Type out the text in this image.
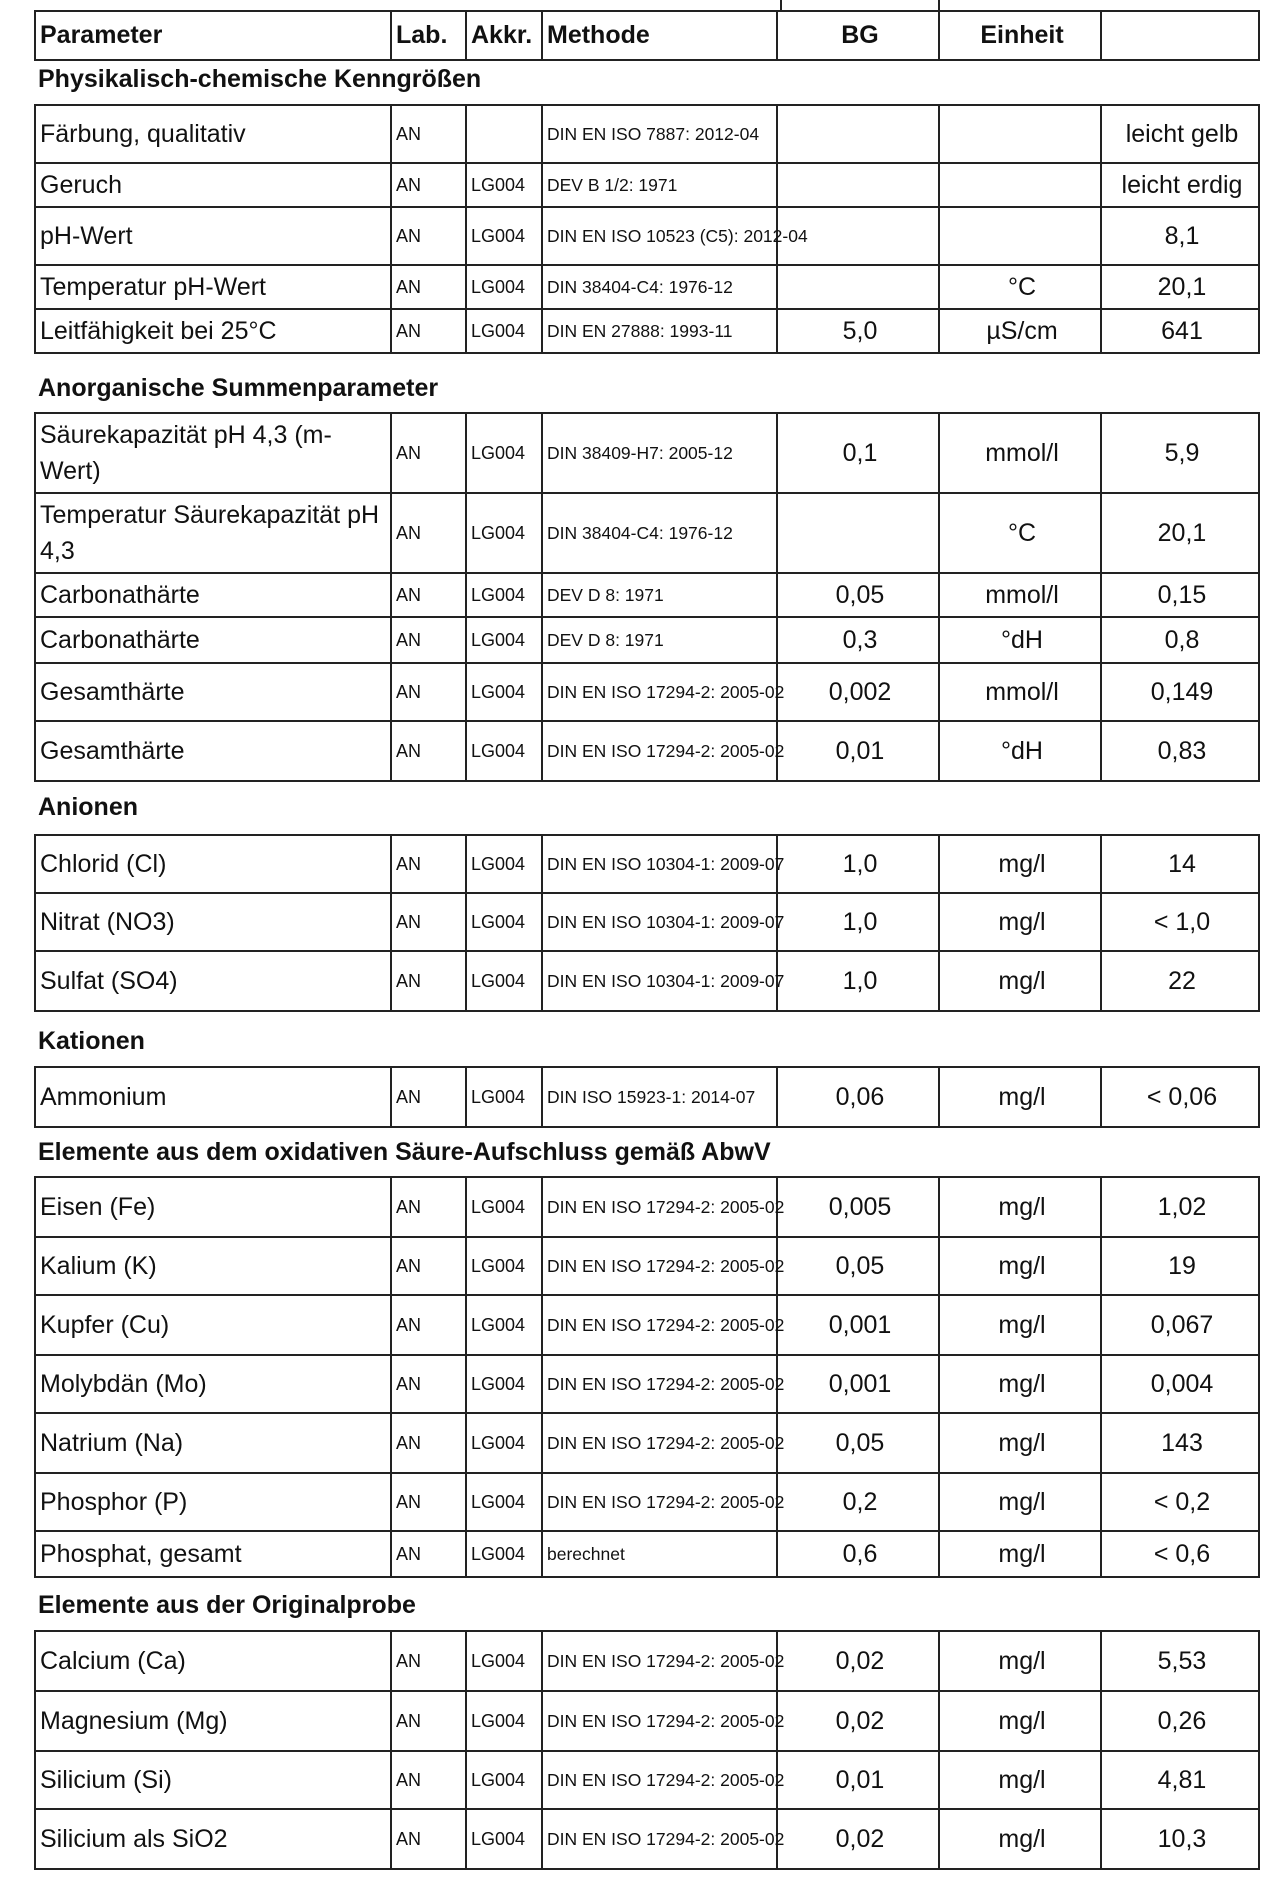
Parameter	Lab.	Akkr.	Methode	BG	Einheit	
Physikalisch-chemische Kenngrößen
Färbung, qualitativ	AN		DIN EN ISO 7887: 2012-04			leicht gelb
Geruch	AN	LG004	DEV B 1/2: 1971			leicht erdig
pH-Wert	AN	LG004	DIN EN ISO 10523 (C5): 2012-04			8,1
Temperatur pH-Wert	AN	LG004	DIN 38404-C4: 1976-12		°C	20,1
Leitfähigkeit bei 25°C	AN	LG004	DIN EN 27888: 1993-11	5,0	µS/cm	641
Anorganische Summenparameter
Säurekapazität pH 4,3 (m-Wert)	AN	LG004	DIN 38409-H7: 2005-12	0,1	mmol/l	5,9
Temperatur Säurekapazität pH 4,3	AN	LG004	DIN 38404-C4: 1976-12		°C	20,1
Carbonathärte	AN	LG004	DEV D 8: 1971	0,05	mmol/l	0,15
Carbonathärte	AN	LG004	DEV D 8: 1971	0,3	°dH	0,8
Gesamthärte	AN	LG004	DIN EN ISO 17294-2: 2005-02	0,002	mmol/l	0,149
Gesamthärte	AN	LG004	DIN EN ISO 17294-2: 2005-02	0,01	°dH	0,83
Anionen
Chlorid (Cl)	AN	LG004	DIN EN ISO 10304-1: 2009-07	1,0	mg/l	14
Nitrat (NO3)	AN	LG004	DIN EN ISO 10304-1: 2009-07	1,0	mg/l	< 1,0
Sulfat (SO4)	AN	LG004	DIN EN ISO 10304-1: 2009-07	1,0	mg/l	22
Kationen
Ammonium	AN	LG004	DIN ISO 15923-1: 2014-07	0,06	mg/l	< 0,06
Elemente aus dem oxidativen Säure-Aufschluss gemäß AbwV
Eisen (Fe)	AN	LG004	DIN EN ISO 17294-2: 2005-02	0,005	mg/l	1,02
Kalium (K)	AN	LG004	DIN EN ISO 17294-2: 2005-02	0,05	mg/l	19
Kupfer (Cu)	AN	LG004	DIN EN ISO 17294-2: 2005-02	0,001	mg/l	0,067
Molybdän (Mo)	AN	LG004	DIN EN ISO 17294-2: 2005-02	0,001	mg/l	0,004
Natrium (Na)	AN	LG004	DIN EN ISO 17294-2: 2005-02	0,05	mg/l	143
Phosphor (P)	AN	LG004	DIN EN ISO 17294-2: 2005-02	0,2	mg/l	< 0,2
Phosphat, gesamt	AN	LG004	berechnet	0,6	mg/l	< 0,6
Elemente aus der Originalprobe
Calcium (Ca)	AN	LG004	DIN EN ISO 17294-2: 2005-02	0,02	mg/l	5,53
Magnesium (Mg)	AN	LG004	DIN EN ISO 17294-2: 2005-02	0,02	mg/l	0,26
Silicium (Si)	AN	LG004	DIN EN ISO 17294-2: 2005-02	0,01	mg/l	4,81
Silicium als SiO2	AN	LG004	DIN EN ISO 17294-2: 2005-02	0,02	mg/l	10,3
